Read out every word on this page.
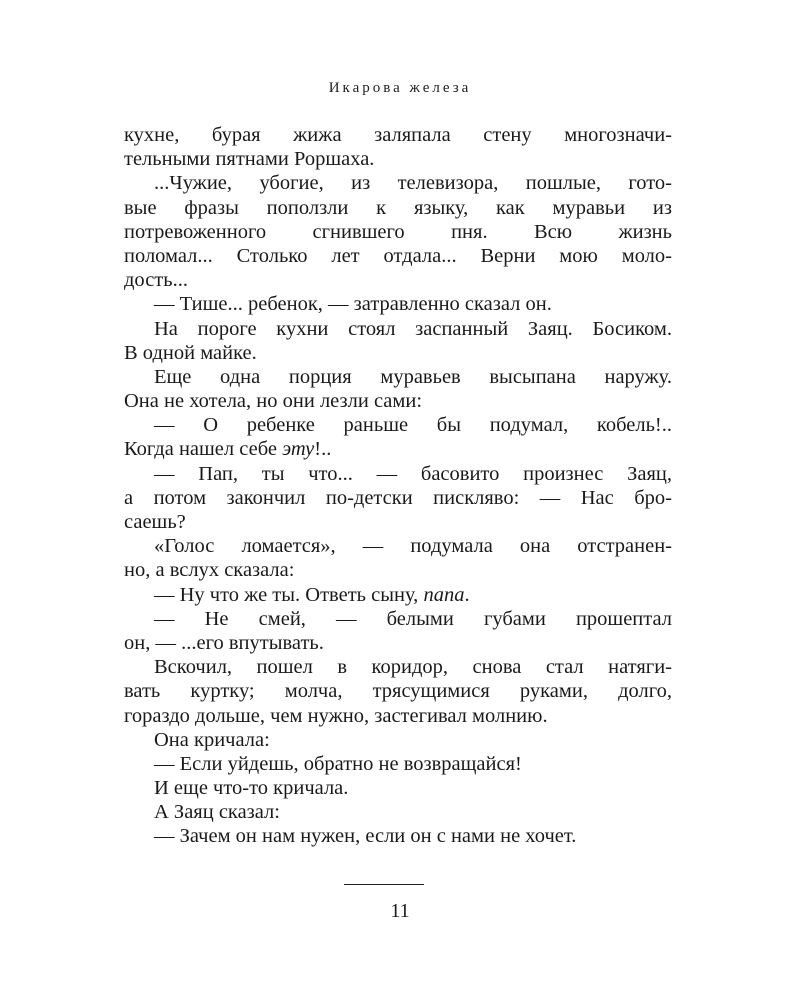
Икарова железа
кухне, бурая жижа заляпала стену многозначи-
тельными пятнами Роршаха.
...Чужие, убогие, из телевизора, пошлые, гото-
вые фразы поползли к языку, как муравьи из
потревоженного сгнившего пня. Всю жизнь
поломал... Столько лет отдала... Верни мою моло-
дость...
— Тише... ребенок, — затравленно сказал он.
На пороге кухни стоял заспанный Заяц. Босиком.
В одной майке.
Еще одна порция муравьев высыпана наружу.
Она не хотела, но они лезли сами:
— О ребенке раньше бы подумал, кобель!..
Когда нашел себе эту!..
— Пап, ты что... — басовито произнес Заяц,
а потом закончил по-детски пискляво: — Нас бро-
саешь?
«Голос ломается», — подумала она отстранен-
но, а вслух сказала:
— Ну что же ты. Ответь сыну, папа.
— Не смей, — белыми губами прошептал
он, — ...его впутывать.
Вскочил, пошел в коридор, снова стал натяги-
вать куртку; молча, трясущимися руками, долго,
гораздо дольше, чем нужно, застегивал молнию.
Она кричала:
— Если уйдешь, обратно не возвращайся!
И еще что-то кричала.
А Заяц сказал:
— Зачем он нам нужен, если он с нами не хочет.
11
